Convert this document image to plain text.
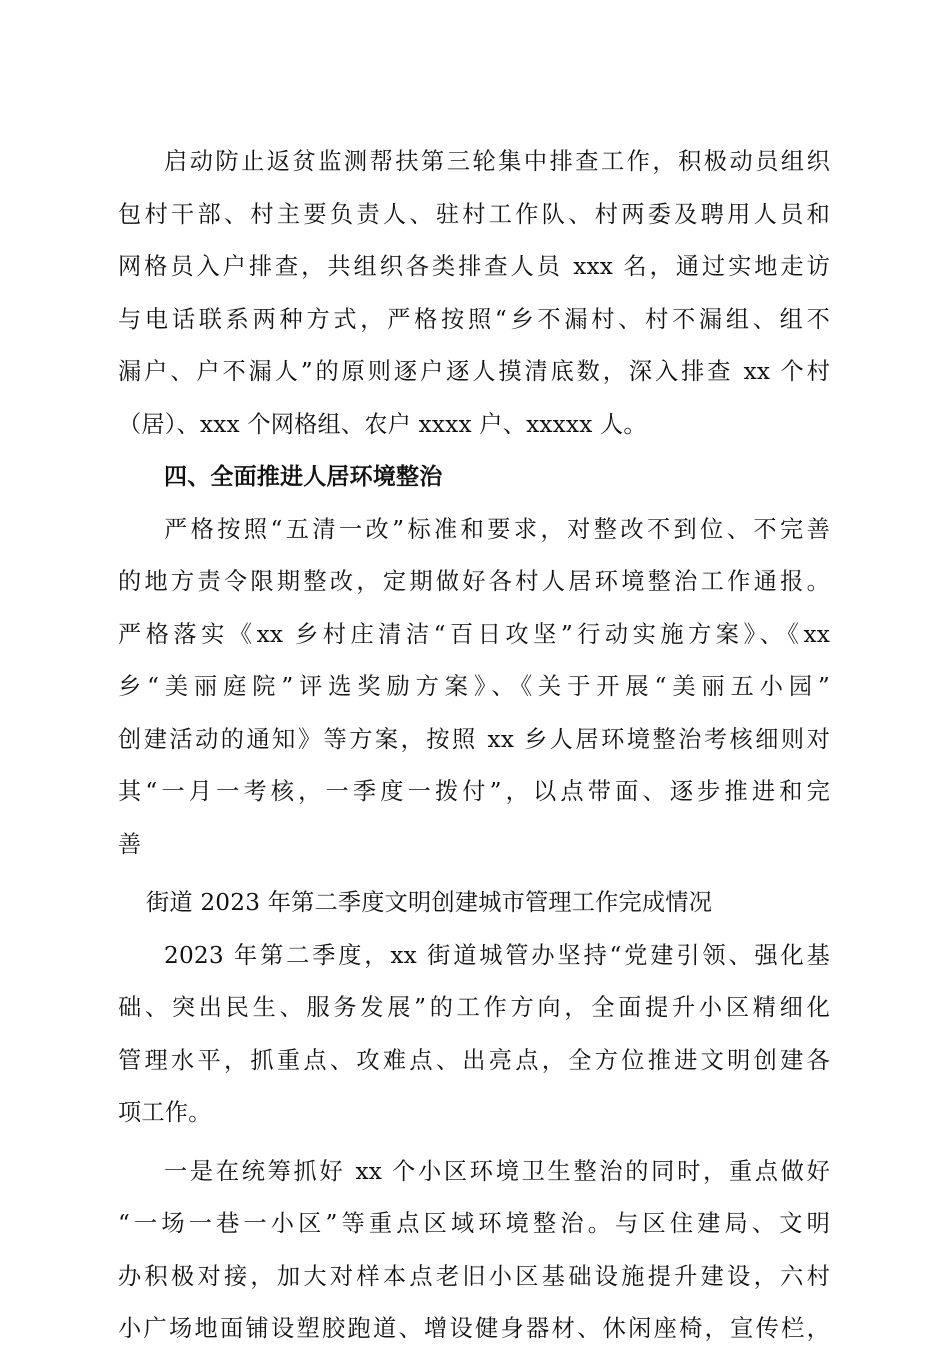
启动防止返贫监测帮扶第三轮集中排查工作，积极动员组织
包村干部、村主要负责人、驻村工作队、村两委及聘用人员和
网格员入户排查，共组织各类排查人员 xxx 名，通过实地走访
与电话联系两种方式，严格按照“乡不漏村、村不漏组、组不
漏户、户不漏人”的原则逐户逐人摸清底数，深入排查 xx 个村
（居）、xxx 个网格组、农户 xxxx 户、xxxxx 人。
四、全面推进人居环境整治
严格按照“五清一改”标准和要求，对整改不到位、不完善
的地方责令限期整改，定期做好各村人居环境整治工作通报。
严格落实《xx 乡村庄清洁“百日攻坚”行动实施方案》、《xx
乡“美丽庭院”评选奖励方案》、《关于开展“美丽五小园”
创建活动的通知》等方案，按照 xx 乡人居环境整治考核细则对
其“一月一考核，一季度一拨付”，以点带面、逐步推进和完
善
街道 2023 年第二季度文明创建城市管理工作完成情况
2023 年第二季度，xx 街道城管办坚持“党建引领、强化基
础、突出民生、服务发展”的工作方向，全面提升小区精细化
管理水平，抓重点、攻难点、出亮点，全方位推进文明创建各
项工作。
一是在统筹抓好 xx 个小区环境卫生整治的同时，重点做好
“一场一巷一小区”等重点区域环境整治。与区住建局、文明
办积极对接，加大对样本点老旧小区基础设施提升建设，六村
小广场地面铺设塑胶跑道、增设健身器材、休闲座椅，宣传栏，
